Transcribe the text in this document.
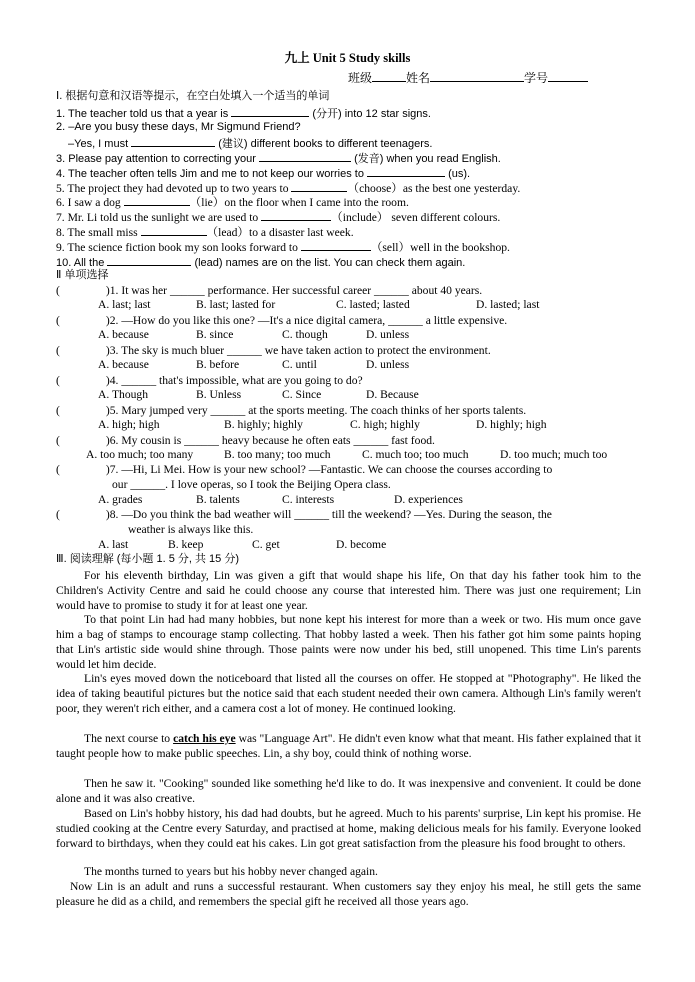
九上 Unit 5 Study skills
班级	姓名	学号
Ⅰ. 根据句意和汉语等提示，在空白处填入一个适当的单词
1. The teacher told us that a year is	(分开) into 12 star signs.
2. –Are you busy these days, Mr Sigmund Friend?
–Yes, I must	(建议) different books to different teenagers.
3. Please pay attention to correcting your	(发音) when you read English.
4. The teacher often tells Jim and me to not keep our worries to	(us).
5. The project they had devoted up to two years to	（choose）as the best one yesterday.
6. I saw a dog	（lie）on the floor when I came into the room.
7. Mr. Li told us the sunlight we are used to	（include） seven different colours.
8. The small miss	（lead）to a disaster last week.
9. The science fiction book my son looks forward to	（sell）well in the bookshop.
10. All the	(lead) names are on the list. You can check them again.
Ⅱ 单项选择
(	)1. It was her ______ performance. Her successful career ______ about 40 years.
A. last; last	B. last; lasted for	C. lasted; lasted	D. lasted; last
(	)2. —How do you like this one? —It's a nice digital camera, ______ a little expensive.
A. because	B. since	C. though	D. unless
(	)3. The sky is much bluer ______ we have taken action to protect the environment.
A. because	B. before	C. until	D. unless
(	)4. ______ that's impossible, what are you going to do?
A. Though	B. Unless	C. Since	D. Because
(	)5. Mary jumped very ______ at the sports meeting. The coach thinks of her sports talents.
A. high; high	B. highly; highly	C. high; highly	D. highly; high
(	)6. My cousin is ______ heavy because he often eats ______ fast food.
A. too much; too many	B. too many; too much	C. much too; too much	D. too much; much too
(	)7. —Hi, Li Mei. How is your new school? —Fantastic. We can choose the courses according to
our ______. I love operas, so I took the Beijing Opera class.
A. grades	B. talents	C. interests	D. experiences
(	)8. —Do you think the bad weather will ______ till the weekend? —Yes. During the season, the
weather is always like this.
A. last	B. keep	C. get	D. become
Ⅲ. 阅读理解 (每小题 1. 5 分, 共 15 分)
For his eleventh birthday, Lin was given a gift that would shape his life, On that day his father took him to the Children's Activity Centre and said he could choose any course that interested him. There was just one requirement; Lin would have to promise to study it for at least one year.
To that point Lin had had many hobbies, but none kept his interest for more than a week or two. His mum once gave him a bag of stamps to encourage stamp collecting. That hobby lasted a week. Then his father got him some paints hoping that Lin's artistic side would shine through. Those paints were now under his bed, still unopened. This time Lin's parents would let him decide.
Lin's eyes moved down the noticeboard that listed all the courses on offer. He stopped at "Photography". He liked the idea of taking beautiful pictures but the notice said that each student needed their own camera. Although Lin's family weren't poor, they weren't rich either, and a camera cost a lot of money. He continued looking.
The next course to catch his eye was "Language Art". He didn't even know what that meant. His father explained that it taught people how to make public speeches. Lin, a shy boy, could think of nothing worse.
Then he saw it. "Cooking" sounded like something he'd like to do. It was inexpensive and convenient. It could be done alone and it was also creative.
Based on Lin's hobby history, his dad had doubts, but he agreed. Much to his parents' surprise, Lin kept his promise. He studied cooking at the Centre every Saturday, and practised at home, making delicious meals for his family. Everyone looked forward to birthdays, when they could eat his cakes. Lin got great satisfaction from the pleasure his food brought to others.
The months turned to years but his hobby never changed again.
Now Lin is an adult and runs a successful restaurant. When customers say they enjoy his meal, he still gets the same pleasure he did as a child, and remembers the special gift he received all those years ago.
